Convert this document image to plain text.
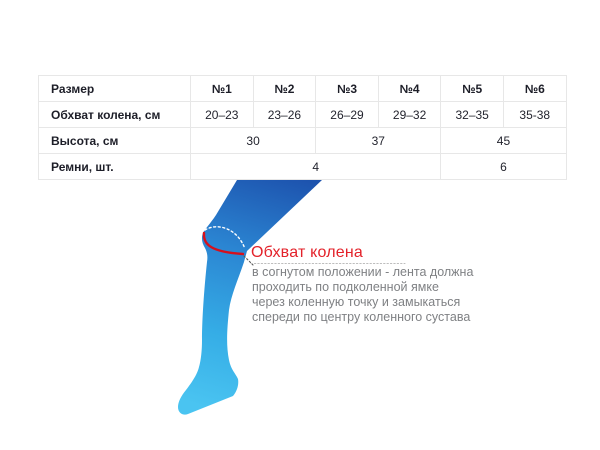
Размер	№1	№2	№3	№4	№5	№6
Обхват колена, см	20–23	23–26	26–29	29–32	32–35	35-38
Высота, см	30		37		45	
Ремни, шт.	4				6	
Обхват колена
в согнутом положении - лента должна
проходить по подколенной ямке
через коленную точку и замыкаться
спереди по центру коленного сустава
